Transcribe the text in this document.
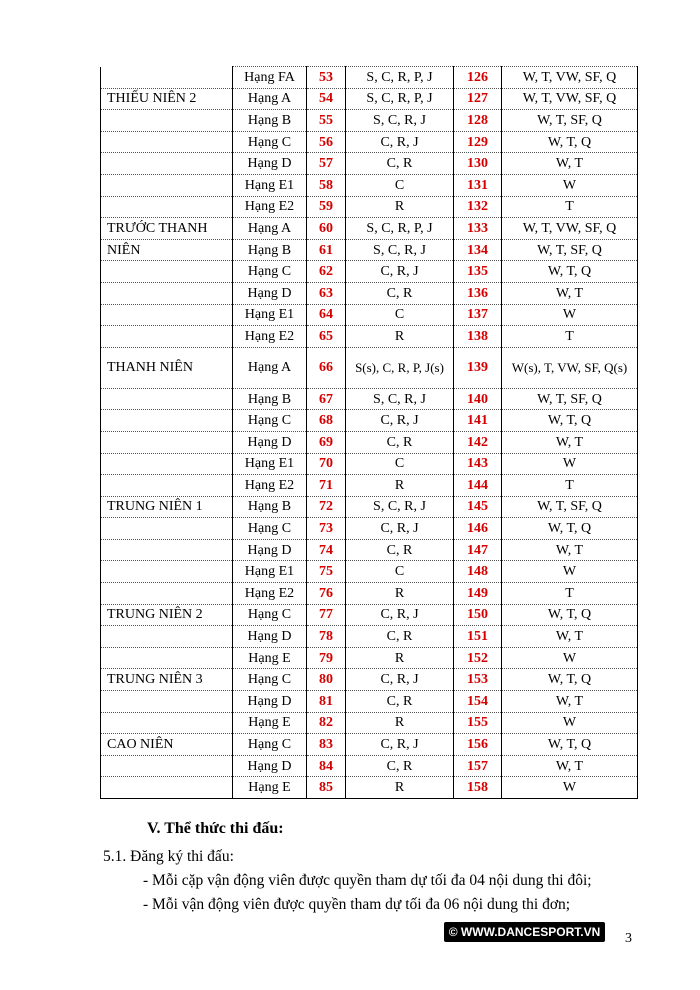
	Hạng FA	53	S, C, R, P, J	126	W, T, VW, SF, Q
THIẾU NIÊN 2	Hạng A	54	S, C, R, P, J	127	W, T, VW, SF, Q
	Hạng B	55	S, C, R, J	128	W, T, SF, Q
	Hạng C	56	C, R, J	129	W, T, Q
	Hạng D	57	C, R	130	W, T
	Hạng E1	58	C	131	W
	Hạng E2	59	R	132	T
TRƯỚC THANH	Hạng A	60	S, C, R, P, J	133	W, T, VW, SF, Q
NIÊN	Hạng B	61	S, C, R, J	134	W, T, SF, Q
	Hạng C	62	C, R, J	135	W, T, Q
	Hạng D	63	C, R	136	W, T
	Hạng E1	64	C	137	W
	Hạng E2	65	R	138	T
THANH NIÊN	Hạng A	66	S(s), C, R, P, J(s)	139	W(s), T, VW, SF, Q(s)
	Hạng B	67	S, C, R, J	140	W, T, SF, Q
	Hạng C	68	C, R, J	141	W, T, Q
	Hạng D	69	C, R	142	W, T
	Hạng E1	70	C	143	W
	Hạng E2	71	R	144	T
TRUNG NIÊN 1	Hạng B	72	S, C, R, J	145	W, T, SF, Q
	Hạng C	73	C, R, J	146	W, T, Q
	Hạng D	74	C, R	147	W, T
	Hạng E1	75	C	148	W
	Hạng E2	76	R	149	T
TRUNG NIÊN 2	Hạng C	77	C, R, J	150	W, T, Q
	Hạng D	78	C, R	151	W, T
	Hạng E	79	R	152	W
TRUNG NIÊN 3	Hạng C	80	C, R, J	153	W, T, Q
	Hạng D	81	C, R	154	W, T
	Hạng E	82	R	155	W
CAO NIÊN	Hạng C	83	C, R, J	156	W, T, Q
	Hạng D	84	C, R	157	W, T
	Hạng E	85	R	158	W
V. Thể thức thi đấu:
5.1. Đăng ký thi đấu:
- Mỗi cặp vận động viên được quyền tham dự tối đa 04 nội dung thi đôi;
- Mỗi vận động viên được quyền tham dự tối đa 06 nội dung thi đơn;
© WWW.DANCESPORT.VN	3
